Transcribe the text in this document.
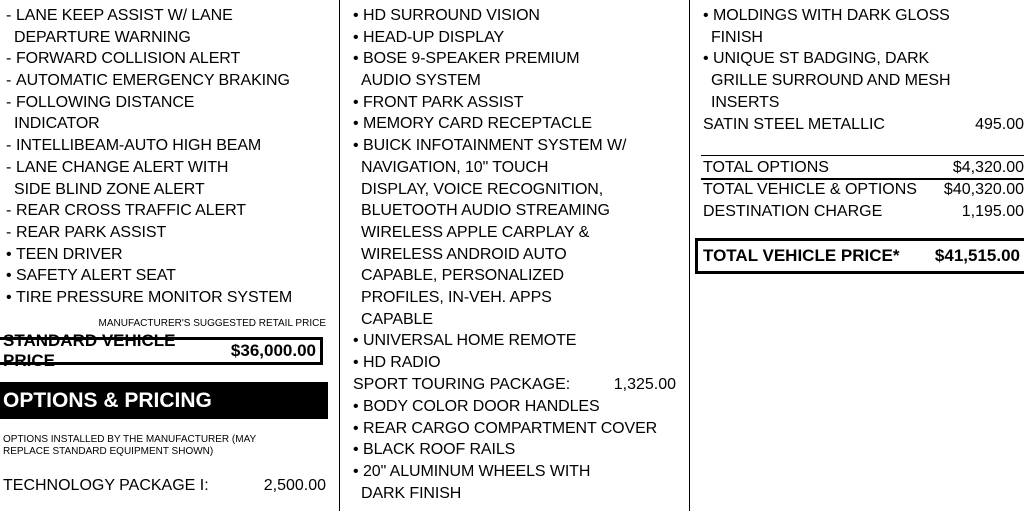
- LANE KEEP ASSIST W/ LANE
DEPARTURE WARNING
- FORWARD COLLISION ALERT
- AUTOMATIC EMERGENCY BRAKING
- FOLLOWING DISTANCE
INDICATOR
- INTELLIBEAM-AUTO HIGH BEAM
- LANE CHANGE ALERT WITH
SIDE BLIND ZONE ALERT
- REAR CROSS TRAFFIC ALERT
- REAR PARK ASSIST
• TEEN DRIVER
• SAFETY ALERT SEAT
• TIRE PRESSURE MONITOR SYSTEM
MANUFACTURER'S SUGGESTED RETAIL PRICE
STANDARD VEHICLE PRICE
$36,000.00
OPTIONS & PRICING
OPTIONS INSTALLED BY THE MANUFACTURER (MAY REPLACE STANDARD EQUIPMENT SHOWN)
TECHNOLOGY PACKAGE I:	2,500.00
• HD SURROUND VISION
• HEAD-UP DISPLAY
• BOSE 9-SPEAKER PREMIUM
AUDIO SYSTEM
• FRONT PARK ASSIST
• MEMORY CARD RECEPTACLE
• BUICK INFOTAINMENT SYSTEM W/
NAVIGATION, 10" TOUCH
DISPLAY, VOICE RECOGNITION,
BLUETOOTH AUDIO STREAMING
WIRELESS APPLE CARPLAY &
WIRELESS ANDROID AUTO
CAPABLE, PERSONALIZED
PROFILES, IN-VEH. APPS
CAPABLE
• UNIVERSAL HOME REMOTE
• HD RADIO
SPORT TOURING PACKAGE:	1,325.00
• BODY COLOR DOOR HANDLES
• REAR CARGO COMPARTMENT COVER
• BLACK ROOF RAILS
• 20" ALUMINUM WHEELS WITH
DARK FINISH
• MOLDINGS WITH DARK GLOSS
FINISH
• UNIQUE ST BADGING, DARK
GRILLE SURROUND AND MESH
INSERTS
SATIN STEEL METALLIC	495.00
TOTAL OPTIONS	$4,320.00
TOTAL VEHICLE & OPTIONS $40,320.00
DESTINATION CHARGE	1,195.00
TOTAL VEHICLE PRICE* $41,515.00
